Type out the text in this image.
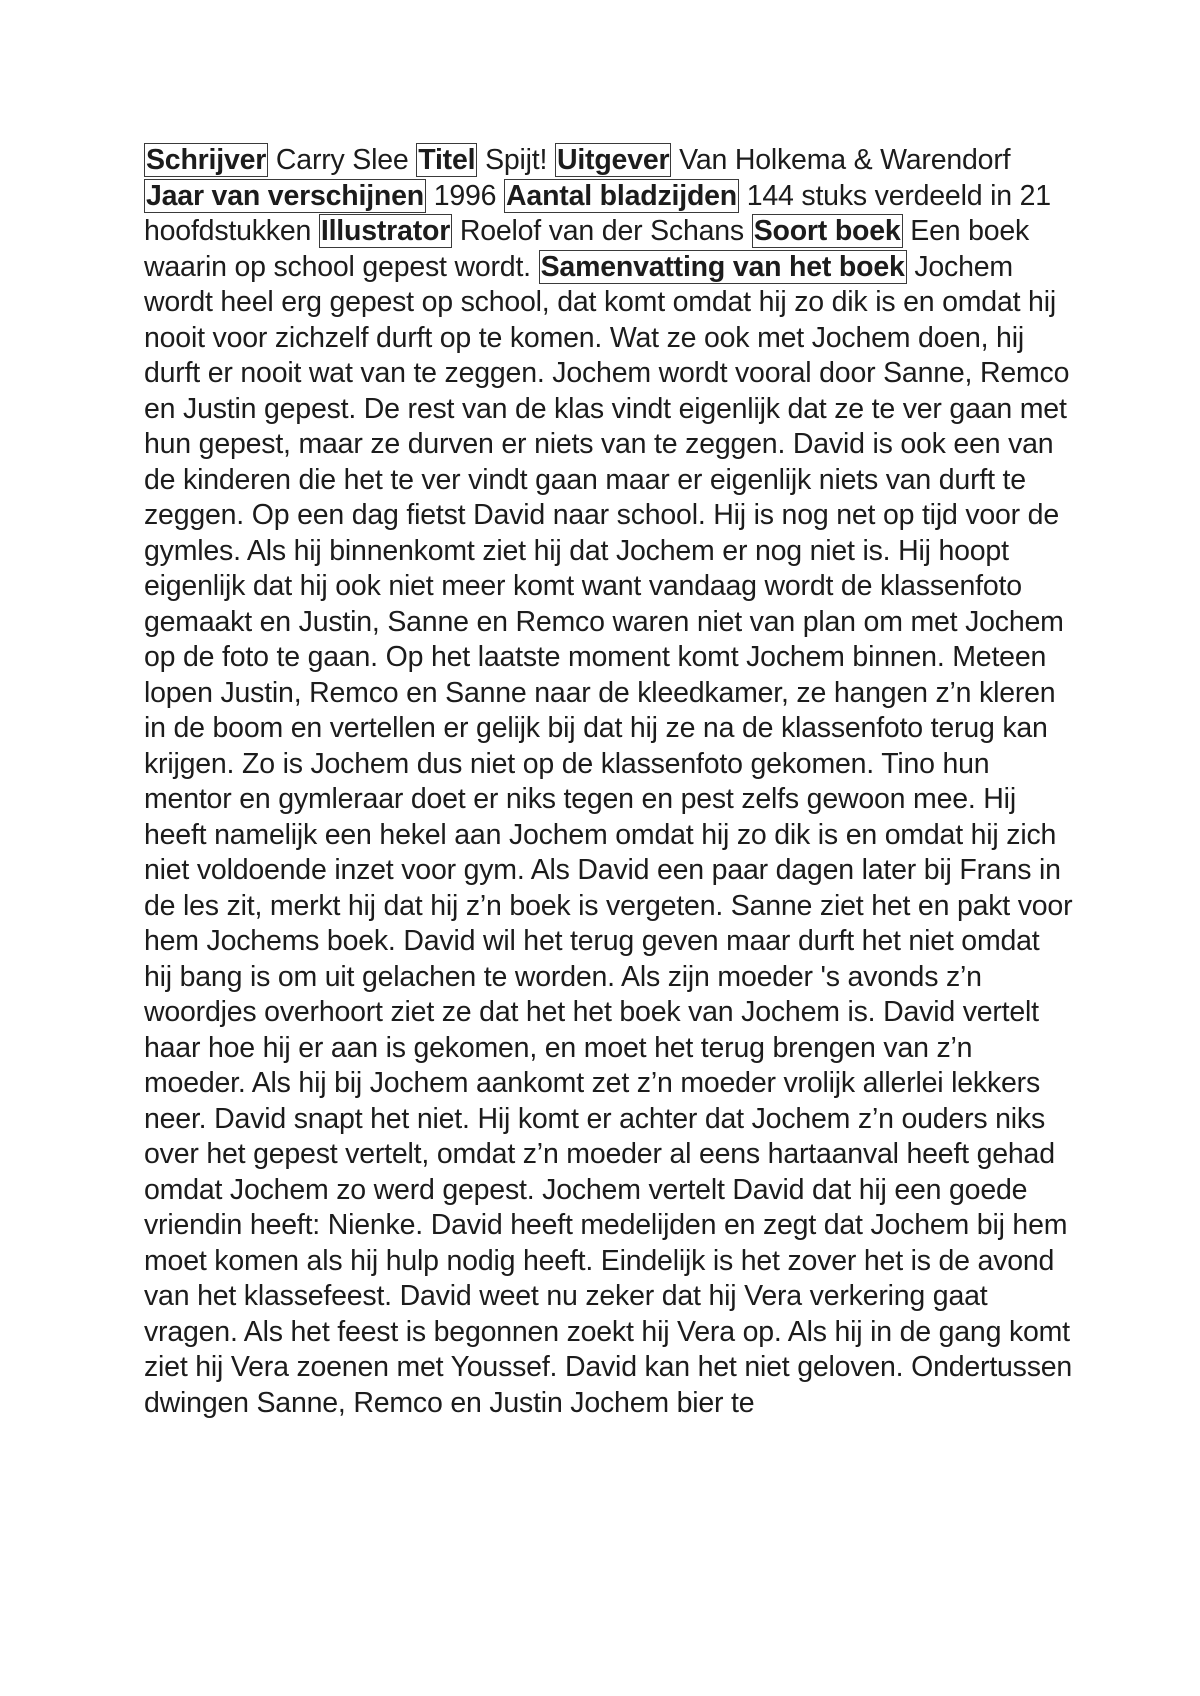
Schrijver Carry Slee Titel Spijt! Uitgever Van Holkema & Warendorf Jaar van verschijnen 1996 Aantal bladzijden 144 stuks verdeeld in 21 hoofdstukken Illustrator Roelof van der Schans Soort boek Een boek waarin op school gepest wordt. Samenvatting van het boek Jochem wordt heel erg gepest op school, dat komt omdat hij zo dik is en omdat hij nooit voor zichzelf durft op te komen. Wat ze ook met Jochem doen, hij durft er nooit wat van te zeggen. Jochem wordt vooral door Sanne, Remco en Justin gepest. De rest van de klas vindt eigenlijk dat ze te ver gaan met hun gepest, maar ze durven er niets van te zeggen. David is ook een van de kinderen die het te ver vindt gaan maar er eigenlijk niets van durft te zeggen. Op een dag fietst David naar school. Hij is nog net op tijd voor de gymles. Als hij binnenkomt ziet hij dat Jochem er nog niet is. Hij hoopt eigenlijk dat hij ook niet meer komt want vandaag wordt de klassenfoto gemaakt en Justin, Sanne en Remco waren niet van plan om met Jochem op de foto te gaan. Op het laatste moment komt Jochem binnen. Meteen lopen Justin, Remco en Sanne naar de kleedkamer, ze hangen z’n kleren in de boom en vertellen er gelijk bij dat hij ze na de klassenfoto terug kan krijgen. Zo is Jochem dus niet op de klassenfoto gekomen. Tino hun mentor en gymleraar doet er niks tegen en pest zelfs gewoon mee. Hij heeft namelijk een hekel aan Jochem omdat hij zo dik is en omdat hij zich niet voldoende inzet voor gym. Als David een paar dagen later bij Frans in de les zit, merkt hij dat hij z’n boek is vergeten. Sanne ziet het en pakt voor hem Jochems boek. David wil het terug geven maar durft het niet omdat hij bang is om uit gelachen te worden. Als zijn moeder 's avonds z’n woordjes overhoort ziet ze dat het het boek van Jochem is. David vertelt haar hoe hij er aan is gekomen, en moet het terug brengen van z’n moeder. Als hij bij Jochem aankomt zet z’n moeder vrolijk allerlei lekkers neer. David snapt het niet. Hij komt er achter dat Jochem z’n ouders niks over het gepest vertelt, omdat z’n moeder al eens hartaanval heeft gehad omdat Jochem zo werd gepest. Jochem vertelt David dat hij een goede vriendin heeft: Nienke. David heeft medelijden en zegt dat Jochem bij hem moet komen als hij hulp nodig heeft. Eindelijk is het zover het is de avond van het klassefeest. David weet nu zeker dat hij Vera verkering gaat vragen. Als het feest is begonnen zoekt hij Vera op. Als hij in de gang komt ziet hij Vera zoenen met Youssef. David kan het niet geloven. Ondertussen dwingen Sanne, Remco en Justin Jochem bier te
